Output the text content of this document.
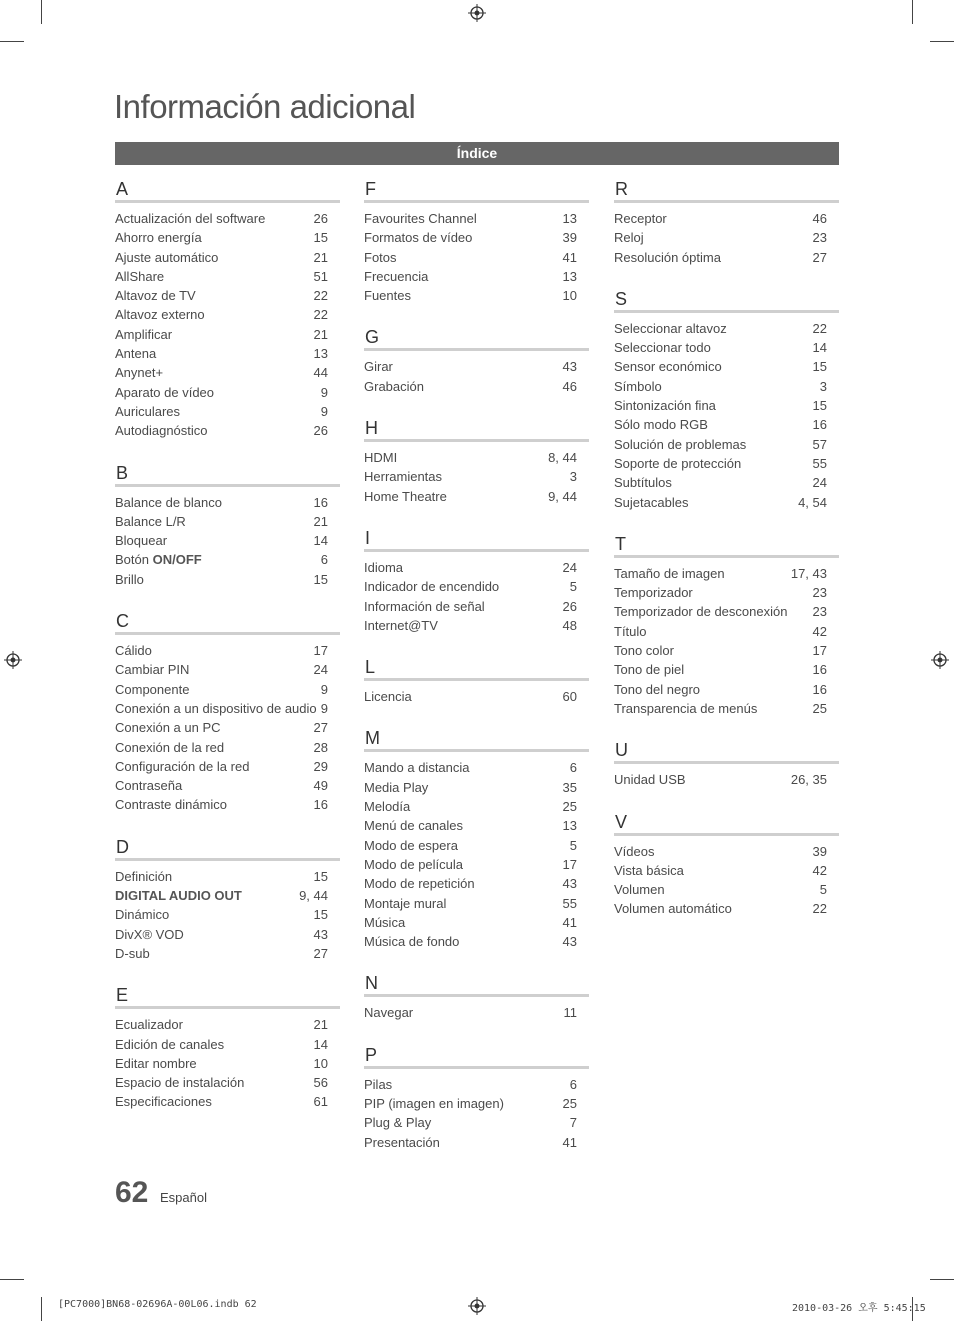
Información adicional
Índice
A
Actualización del software	26
Ahorro energía	15
Ajuste automático	21
AllShare	51
Altavoz de TV	22
Altavoz externo	22
Amplificar	21
Antena	13
Anynet+	44
Aparato de vídeo	9
Auriculares	9
Autodiagnóstico	26
B
Balance de blanco	16
Balance L/R	21
Bloquear	14
Botón ON/OFF	6
Brillo	15
C
Cálido	17
Cambiar PIN	24
Componente	9
Conexión a un dispositivo de audio 9
Conexión a un PC	27
Conexión de la red	28
Configuración de la red	29
Contraseña	49
Contraste dinámico	16
D
Definición	15
DIGITAL AUDIO OUT	9, 44
Dinámico	15
DivX® VOD	43
D-sub	27
E
Ecualizador	21
Edición de canales	14
Editar nombre	10
Espacio de instalación	56
Especificaciones	61
F
Favourites Channel	13
Formatos de vídeo	39
Fotos	41
Frecuencia	13
Fuentes	10
G
Girar	43
Grabación	46
H
HDMI	8, 44
Herramientas	3
Home Theatre	9, 44
I
Idioma	24
Indicador de encendido	5
Información de señal	26
Internet@TV	48
L
Licencia	60
M
Mando a distancia	6
Media Play	35
Melodía	25
Menú de canales	13
Modo de espera	5
Modo de película	17
Modo de repetición	43
Montaje mural	55
Música	41
Música de fondo	43
N
Navegar	11
P
Pilas	6
PIP (imagen en imagen)	25
Plug & Play	7
Presentación	41
R
Receptor	46
Reloj	23
Resolución óptima	27
S
Seleccionar altavoz	22
Seleccionar todo	14
Sensor económico	15
Símbolo	3
Sintonización fina	15
Sólo modo RGB	16
Solución de problemas	57
Soporte de protección	55
Subtítulos	24
Sujetacables	4, 54
T
Tamaño de imagen	17, 43
Temporizador	23
Temporizador de desconexión 23
Título	42
Tono color	17
Tono de piel	16
Tono del negro	16
Transparencia de menús	25
U
Unidad USB	26, 35
V
Vídeos	39
Vista básica	42
Volumen	5
Volumen automático	22
62 Español
[PC7000]BN68-02696A-00L06.indb 62	2010-03-26 오후 5:45:15
